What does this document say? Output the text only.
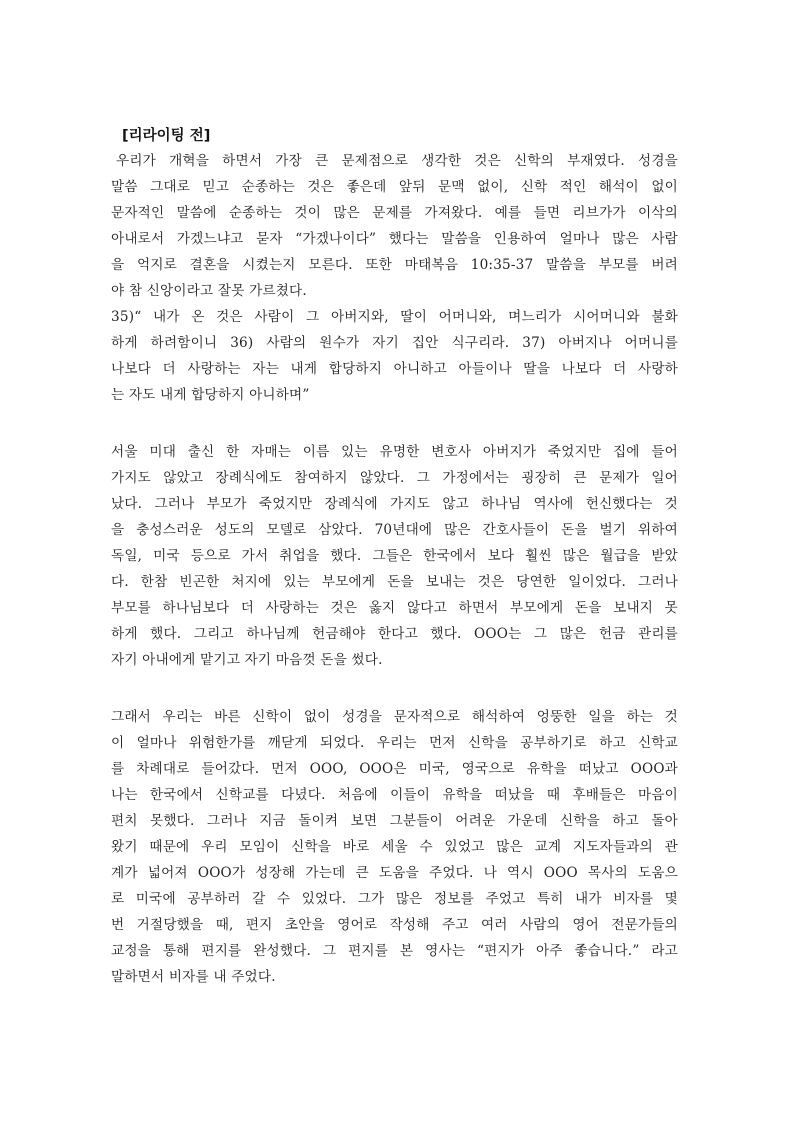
[리라이팅 전]
우리가 개혁을 하면서 가장 큰 문제점으로 생각한 것은 신학의 부재였다. 성경을
말씀 그대로 믿고 순종하는 것은 좋은데 앞뒤 문맥 없이, 신학 적인 해석이 없이
문자적인 말씀에 순종하는 것이 많은 문제를 가져왔다. 예를 들면 리브가가 이삭의
아내로서 가겠느냐고 묻자 “가겠나이다” 했다는 말씀을 인용하여 얼마나 많은 사람
을 억지로 결혼을 시켰는지 모른다. 또한 마태복음 10:35-37 말씀을 부모를 버려
야 참 신앙이라고 잘못 가르쳤다.
35)“ 내가 온 것은 사람이 그 아버지와, 딸이 어머니와, 며느리가 시어머니와 불화
하게 하려함이니 36) 사람의 원수가 자기 집안 식구리라. 37) 아버지나 어머니를
나보다 더 사랑하는 자는 내게 합당하지 아니하고 아들이나 딸을 나보다 더 사랑하
는 자도 내게 합당하지 아니하며”
서울 미대 출신 한 자매는 이름 있는 유명한 변호사 아버지가 죽었지만 집에 들어
가지도 않았고 장례식에도 참여하지 않았다. 그 가정에서는 굉장히 큰 문제가 일어
났다. 그러나 부모가 죽었지만 장례식에 가지도 않고 하나님 역사에 헌신했다는 것
을 충성스러운 성도의 모델로 삼았다. 70년대에 많은 간호사들이 돈을 벌기 위하여
독일, 미국 등으로 가서 취업을 했다. 그들은 한국에서 보다 훨씬 많은 월급을 받았
다. 한참 빈곤한 처지에 있는 부모에게 돈을 보내는 것은 당연한 일이었다. 그러나
부모를 하나님보다 더 사랑하는 것은 옳지 않다고 하면서 부모에게 돈을 보내지 못
하게 했다. 그리고 하나님께 헌금해야 한다고 했다. OOO는 그 많은 헌금 관리를
자기 아내에게 맡기고 자기 마음껏 돈을 썼다.
그래서 우리는 바른 신학이 없이 성경을 문자적으로 해석하여 엉뚱한 일을 하는 것
이 얼마나 위험한가를 깨닫게 되었다. 우리는 먼저 신학을 공부하기로 하고 신학교
를 차례대로 들어갔다. 먼저 OOO, OOO은 미국, 영국으로 유학을 떠났고 OOO과
나는 한국에서 신학교를 다녔다. 처음에 이들이 유학을 떠났을 때 후배들은 마음이
편치 못했다. 그러나 지금 돌이켜 보면 그분들이 어려운 가운데 신학을 하고 돌아
왔기 때문에 우리 모임이 신학을 바로 세울 수 있었고 많은 교계 지도자들과의 관
계가 넓어져 OOO가 성장해 가는데 큰 도움을 주었다. 나 역시 OOO 목사의 도움으
로 미국에 공부하러 갈 수 있었다. 그가 많은 정보를 주었고 특히 내가 비자를 몇
번 거절당했을 때, 편지 초안을 영어로 작성해 주고 여러 사람의 영어 전문가들의
교정을 통해 편지를 완성했다. 그 편지를 본 영사는 “편지가 아주 좋습니다.” 라고
말하면서 비자를 내 주었다.
